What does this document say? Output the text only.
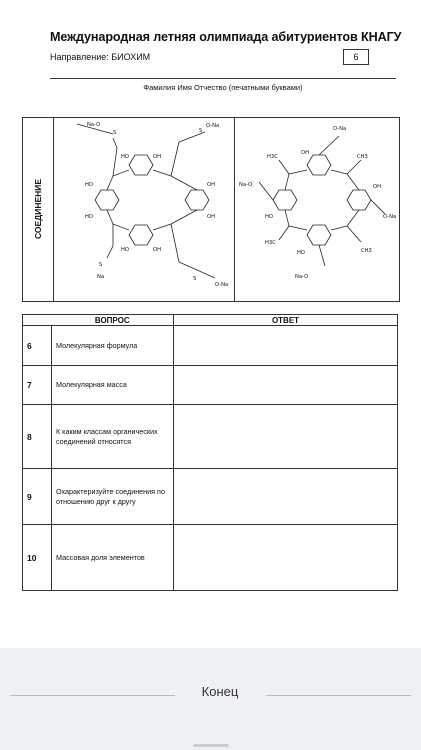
Международная летняя олимпиада абитуриентов КНАГУ
Направление: БИОХИМ	6
Фамилия Имя Отчество (печатными буквами)
СОЕДИНЕНИЕ
Na-O
S
O-Na
S
HO	OH
HO
HO
OH
OH
HO	OH
S
Na
O-Na
S
H3C	CH3
H3C
CH3
OH
O-Na
Na-O
HO
OH
O-Na
HO
Na-O
	ВОПРОС	ОТВЕТ
6	Молекулярная формула	
7	Молекулярная масса	
8	К каким классам органических соединений относятся	
9	Охарактеризуйте соединения по отношению друг к другу	
10	Массовая доля элементов	
Конец
